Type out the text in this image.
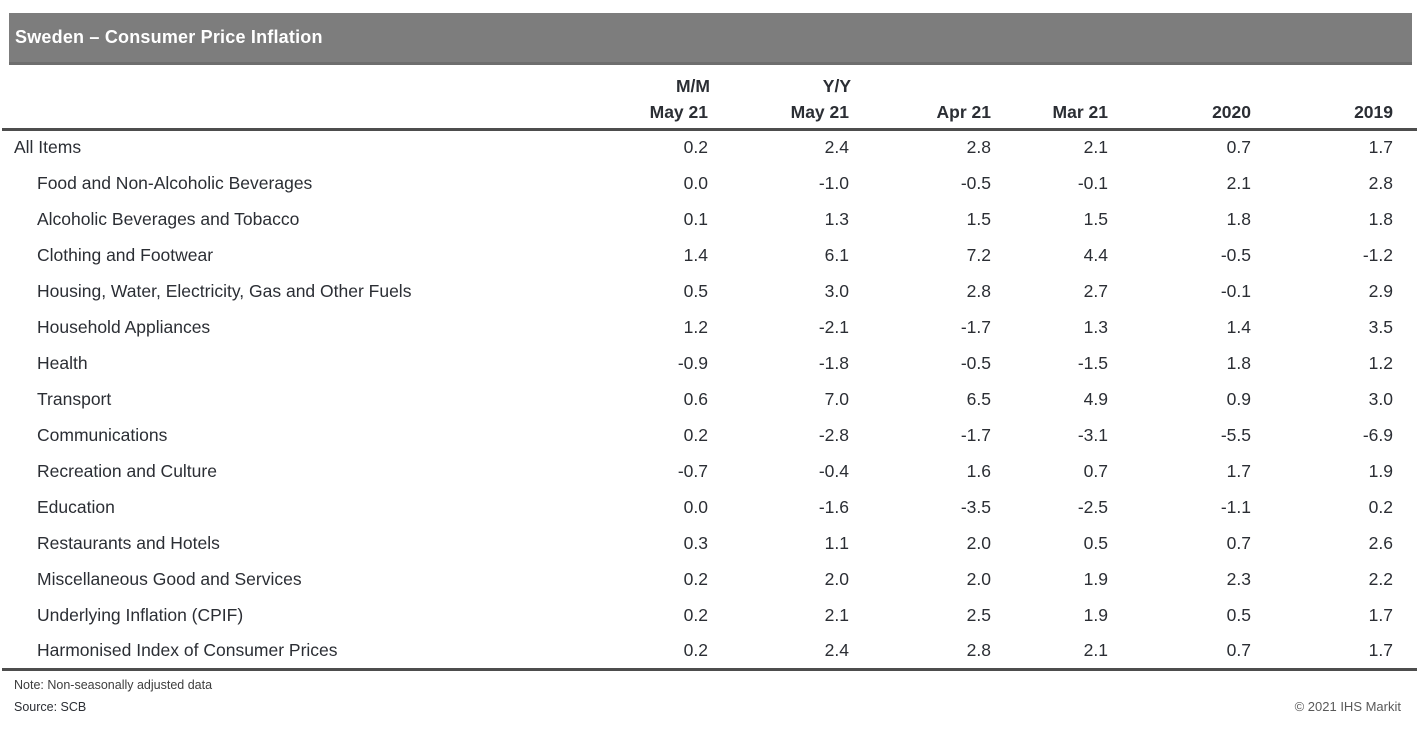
Sweden – Consumer Price Inflation
	M/M	Y/Y					
	May 21	May 21	Apr 21	Mar 21	2020	2019	
All Items	0.2	2.4	2.8	2.1	0.7	1.7	
Food and Non-Alcoholic Beverages	0.0	-1.0	-0.5	-0.1	2.1	2.8	
Alcoholic Beverages and Tobacco	0.1	1.3	1.5	1.5	1.8	1.8	
Clothing and Footwear	1.4	6.1	7.2	4.4	-0.5	-1.2	
Housing, Water, Electricity, Gas and Other Fuels	0.5	3.0	2.8	2.7	-0.1	2.9	
Household Appliances	1.2	-2.1	-1.7	1.3	1.4	3.5	
Health	-0.9	-1.8	-0.5	-1.5	1.8	1.2	
Transport	0.6	7.0	6.5	4.9	0.9	3.0	
Communications	0.2	-2.8	-1.7	-3.1	-5.5	-6.9	
Recreation and Culture	-0.7	-0.4	1.6	0.7	1.7	1.9	
Education	0.0	-1.6	-3.5	-2.5	-1.1	0.2	
Restaurants and Hotels	0.3	1.1	2.0	0.5	0.7	2.6	
Miscellaneous Good and Services	0.2	2.0	2.0	1.9	2.3	2.2	
Underlying Inflation (CPIF)	0.2	2.1	2.5	1.9	0.5	1.7	
Harmonised Index of Consumer Prices	0.2	2.4	2.8	2.1	0.7	1.7	
Note: Non-seasonally adjusted data
Source: SCB	© 2021 IHS Markit
